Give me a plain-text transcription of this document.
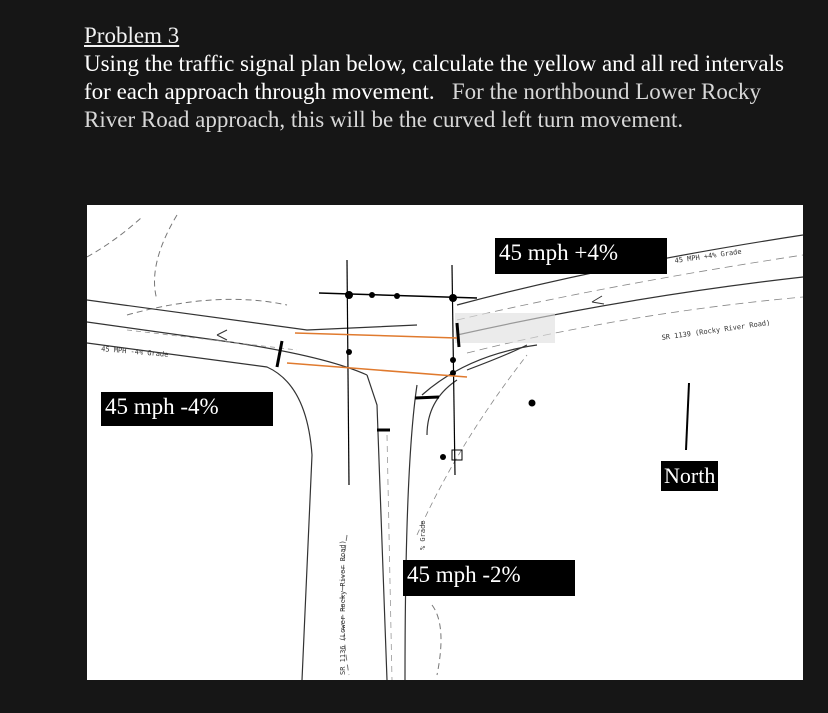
Problem 3
Using the traffic signal plan below, calculate the yellow and all red intervals for each approach through movement. For the northbound Lower Rocky River Road approach, this will be the curved left turn movement.
45 MPH +4% Grade
45 MPH -4% Grade
SR 1139 (Rocky River Road)
SR 1136 (Lower Rocky River Road)
% Grade
45 mph +4%
45 mph -4%
45 mph -2%
North
